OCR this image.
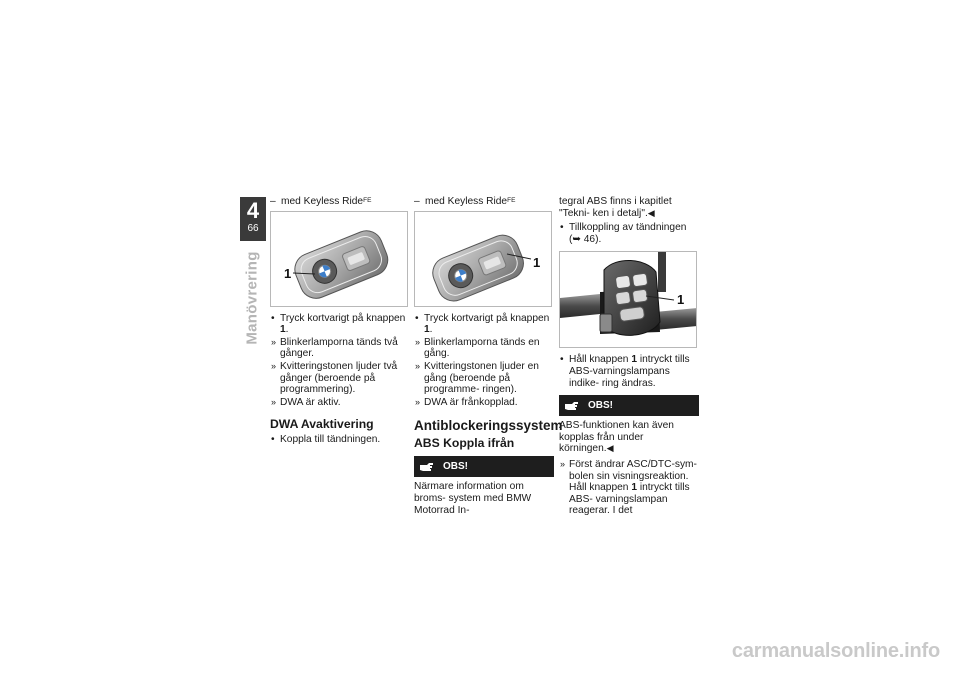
4
66
Manövrering
– med Keyless Ride$^{FE}$
1
• Tryck kortvarigt på knappen 1.
» Blinkerlamporna tänds två gånger.
» Kvitteringstonen ljuder två gånger (beroende på programmering).
» DWA är aktiv.
DWA Avaktivering
• Koppla till tändningen.
– med Keyless Ride$^{FE}$
1
• Tryck kortvarigt på knappen 1.
» Blinkerlamporna tänds en gång.
» Kvitteringstonen ljuder en gång (beroende på programme- ringen).
» DWA är frånkopplad.
Antiblockeringssystem
ABS Koppla ifrån
OBS!
Närmare information om broms- system med BMW Motorrad In-
tegral ABS finns i kapitlet "Tekni- ken i detalj".◀
• Tillkoppling av tändningen
(➥ 46).
1
• Håll knappen 1 intryckt tills ABS-varningslampans indike- ring ändras.
OBS!
ABS-funktionen kan även kopplas från under körningen.◀
» Först ändrar ASC/DTC-sym- bolen sin visningsreaktion. Håll knappen 1 intryckt tills ABS- varningslampan reagerar. I det
carmanualsonline.info
